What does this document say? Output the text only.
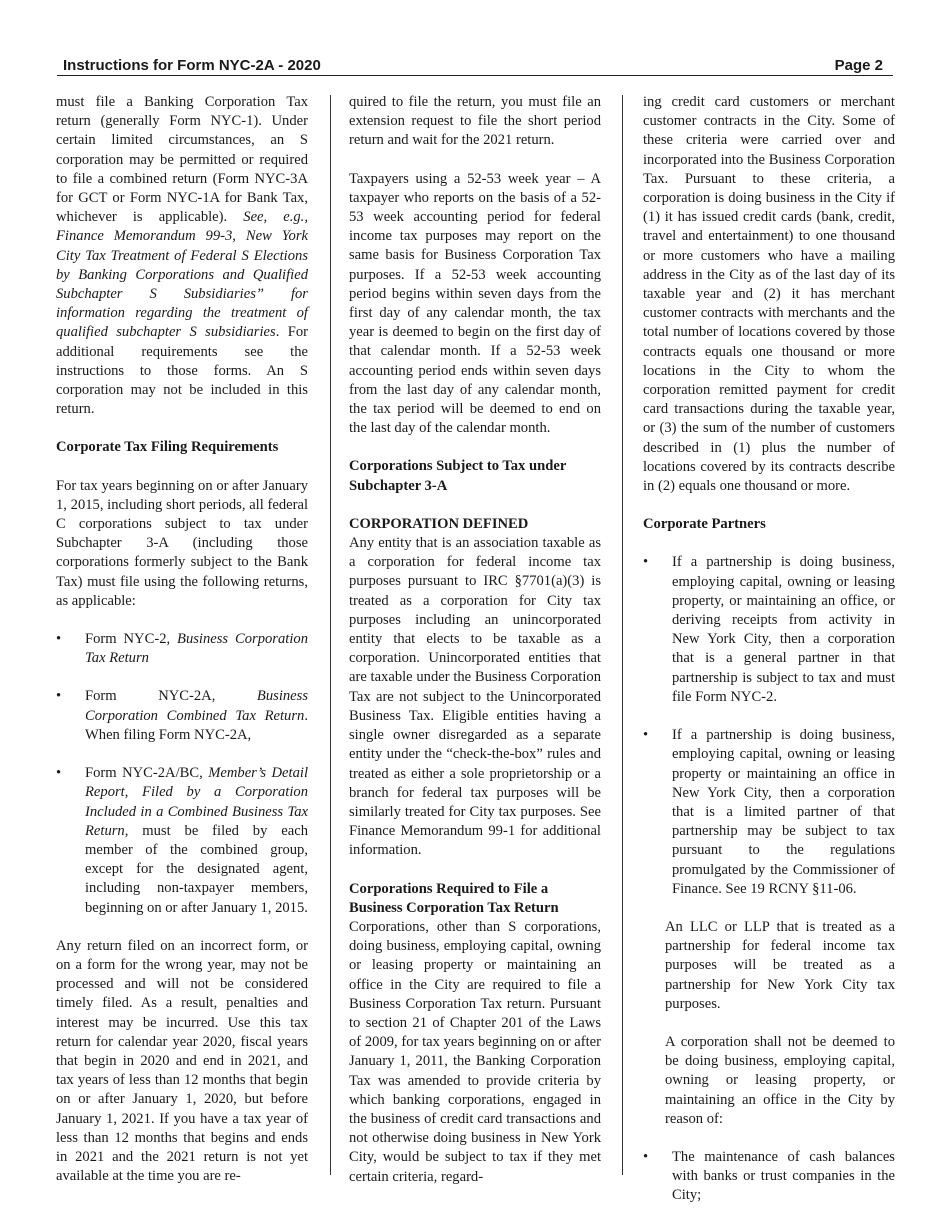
Instructions for Form NYC-2A - 2020	Page 2

must file a Banking Corporation Tax return (generally Form NYC-1). Under certain limited circumstances, an S corporation may be permitted or required to file a combined return (Form NYC-3A for GCT or Form NYC-1A for Bank Tax, whichever is applicable). See, e.g., Finance Memorandum 99-3, New York City Tax Treatment of Federal S Elections by Banking Corporations and Qualified Subchapter S Subsidiaries” for information regarding the treatment of qualified subchapter S subsidiaries. For additional requirements see the instructions to those forms. An S corporation may not be included in this return.

Corporate Tax Filing Requirements

For tax years beginning on or after January 1, 2015, including short periods, all federal C corporations subject to tax under Subchapter 3-A (including those corporations formerly subject to the Bank Tax) must file using the following returns, as applicable:

• Form NYC-2, Business Corporation Tax Return
• Form NYC-2A, Business Corporation Combined Tax Return. When filing Form NYC-2A,
• Form NYC-2A/BC, Member’s Detail Report, Filed by a Corporation Included in a Combined Business Tax Return, must be filed by each member of the combined group, except for the designated agent, including non-taxpayer members, beginning on or after January 1, 2015.

Any return filed on an incorrect form, or on a form for the wrong year, may not be processed and will not be considered timely filed. As a result, penalties and interest may be incurred. Use this tax return for calendar year 2020, fiscal years that begin in 2020 and end in 2021, and tax years of less than 12 months that begin on or after January 1, 2020, but before January 1, 2021. If you have a tax year of less than 12 months that begins and ends in 2021 and the 2021 return is not yet available at the time you are re-

quired to file the return, you must file an extension request to file the short period return and wait for the 2021 return.

Taxpayers using a 52-53 week year – A taxpayer who reports on the basis of a 52-53 week accounting period for federal income tax purposes may report on the same basis for Business Corporation Tax purposes. If a 52-53 week accounting period begins within seven days from the first day of any calendar month, the tax year is deemed to begin on the first day of that calendar month. If a 52-53 week accounting period ends within seven days from the last day of any calendar month, the tax period will be deemed to end on the last day of the calendar month.

Corporations Subject to Tax under Subchapter 3-A
CORPORATION DEFINED

Any entity that is an association taxable as a corporation for federal income tax purposes pursuant to IRC §7701(a)(3) is treated as a corporation for City tax purposes including an unincorporated entity that elects to be taxable as a corporation. Unincorporated entities that are taxable under the Business Corporation Tax are not subject to the Unincorporated Business Tax. Eligible entities having a single owner disregarded as a separate entity under the “check-the-box” rules and treated as either a sole proprietorship or a branch for federal tax purposes will be similarly treated for City tax purposes. See Finance Memorandum 99-1 for additional information.

Corporations Required to File a Business Corporation Tax Return

Corporations, other than S corporations, doing business, employing capital, owning or leasing property or maintaining an office in the City are required to file a Business Corporation Tax return. Pursuant to section 21 of Chapter 201 of the Laws of 2009, for tax years beginning on or after January 1, 2011, the Banking Corporation Tax was amended to provide criteria by which banking corporations, engaged in the business of credit card transactions and not otherwise doing business in New York City, would be subject to tax if they met certain criteria, regard-

ing credit card customers or merchant customer contracts in the City. Some of these criteria were carried over and incorporated into the Business Corporation Tax. Pursuant to these criteria, a corporation is doing business in the City if (1) it has issued credit cards (bank, credit, travel and entertainment) to one thousand or more customers who have a mailing address in the City as of the last day of its taxable year and (2) it has merchant customer contracts with merchants and the total number of locations covered by those contracts equals one thousand or more locations in the City to whom the corporation remitted payment for credit card transactions during the taxable year, or (3) the sum of the number of customers described in (1) plus the number of locations covered by its contracts describe in (2) equals one thousand or more.

Corporate Partners
• If a partnership is doing business, employing capital, owning or leasing property, or maintaining an office, or deriving receipts from activity in New York City, then a corporation that is a general partner in that partnership is subject to tax and must file Form NYC-2.
• If a partnership is doing business, employing capital, owning or leasing property or maintaining an office in New York City, then a corporation that is a limited partner of that partnership may be subject to tax pursuant to the regulations promulgated by the Commissioner of Finance. See 19 RCNY §11-06.

An LLC or LLP that is treated as a partnership for federal income tax purposes will be treated as a partnership for New York City tax purposes.

A corporation shall not be deemed to be doing business, employing capital, owning or leasing property, or maintaining an office in the City by reason of:

• The maintenance of cash balances with banks or trust companies in the City;
